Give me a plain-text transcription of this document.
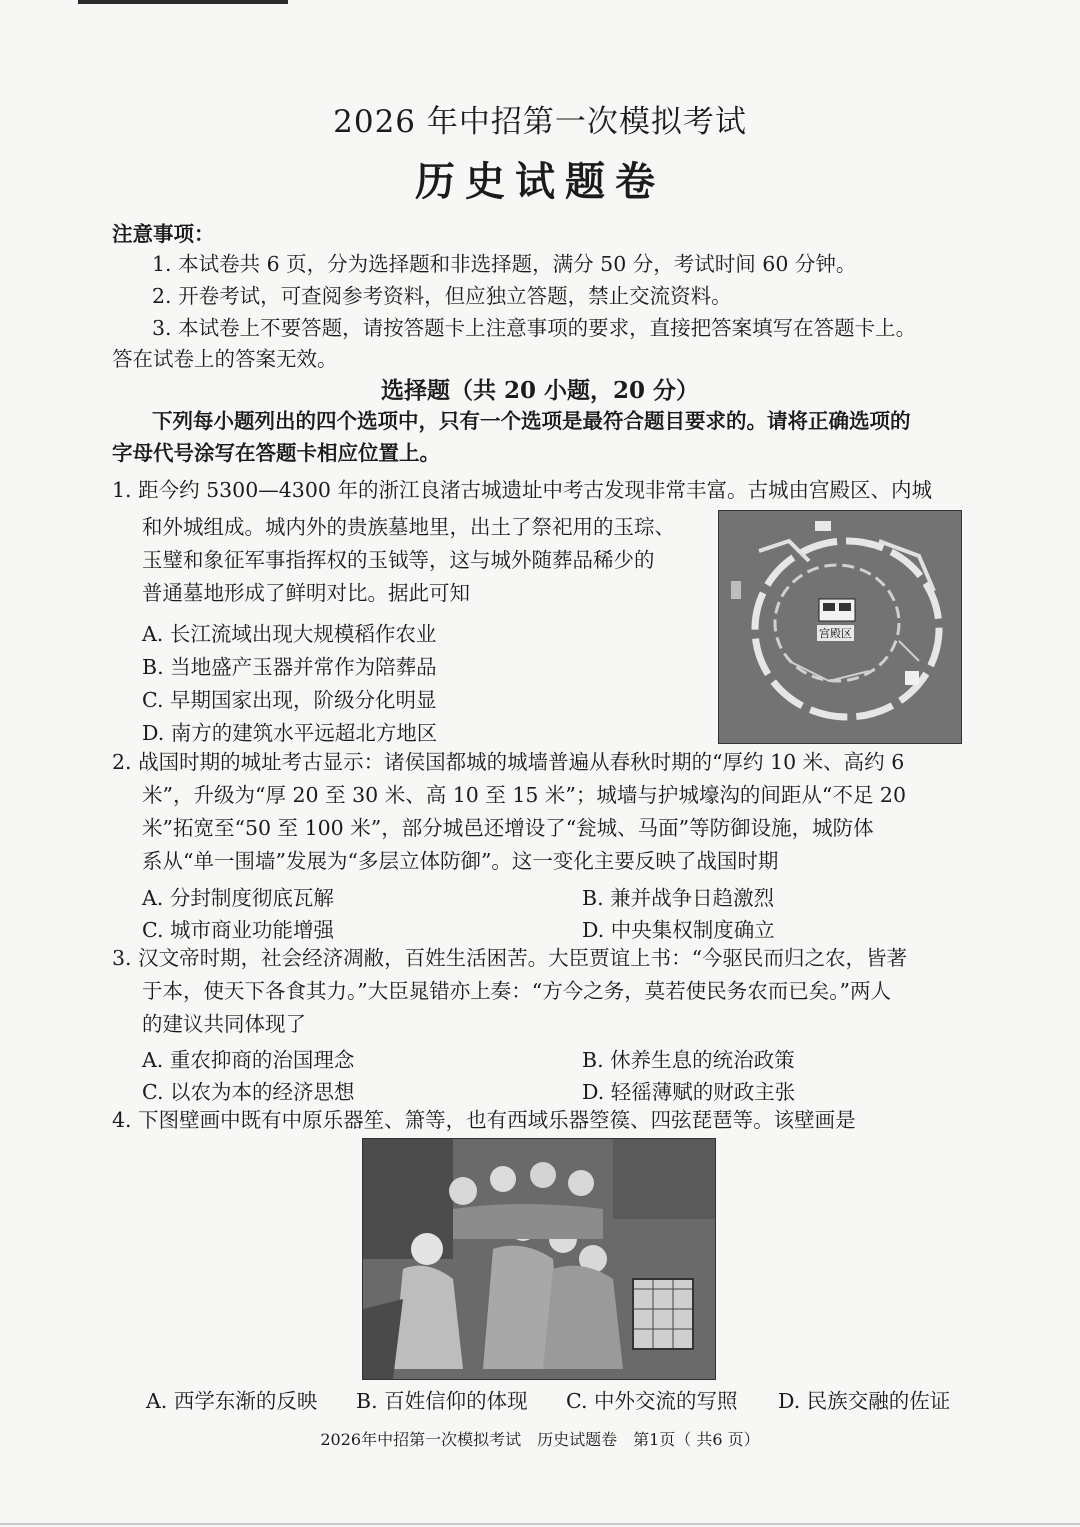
2026 年中招第一次模拟考试
历史试题卷
注意事项：
1. 本试卷共 6 页，分为选择题和非选择题，满分 50 分，考试时间 60 分钟。
2. 开卷考试，可查阅参考资料，但应独立答题，禁止交流资料。
3. 本试卷上不要答题，请按答题卡上注意事项的要求，直接把答案填写在答题卡上。
答在试卷上的答案无效。
选择题（共 20 小题，20 分）
下列每小题列出的四个选项中，只有一个选项是最符合题目要求的。请将正确选项的
字母代号涂写在答题卡相应位置上。
1. 距今约 5300—4300 年的浙江良渚古城遗址中考古发现非常丰富。古城由宫殿区、内城
和外城组成。城内外的贵族墓地里，出土了祭祀用的玉琮、
玉璧和象征军事指挥权的玉钺等，这与城外随葬品稀少的
普通墓地形成了鲜明对比。据此可知
A. 长江流域出现大规模稻作农业
B. 当地盛产玉器并常作为陪葬品
C. 早期国家出现，阶级分化明显
D. 南方的建筑水平远超北方地区
宫殿区
2. 战国时期的城址考古显示：诸侯国都城的城墙普遍从春秋时期的“厚约 10 米、高约 6
米”，升级为“厚 20 至 30 米、高 10 至 15 米”；城墙与护城壕沟的间距从“不足 20
米”拓宽至“50 至 100 米”，部分城邑还增设了“瓮城、马面”等防御设施，城防体
系从“单一围墙”发展为“多层立体防御”。这一变化主要反映了战国时期
A. 分封制度彻底瓦解	B. 兼并战争日趋激烈
C. 城市商业功能增强	D. 中央集权制度确立
3. 汉文帝时期，社会经济凋敝，百姓生活困苦。大臣贾谊上书：“今驱民而归之农，皆著
于本，使天下各食其力。”大臣晁错亦上奏：“方今之务，莫若使民务农而已矣。”两人
的建议共同体现了
A. 重农抑商的治国理念	B. 休养生息的统治政策
C. 以农为本的经济思想	D. 轻徭薄赋的财政主张
4. 下图壁画中既有中原乐器笙、箫等，也有西域乐器箜篌、四弦琵琶等。该壁画是
A. 西学东渐的反映 B. 百姓信仰的体现 C. 中外交流的写照 D. 民族交融的佐证
2026年中招第一次模拟考试　历史试题卷　第1页（ 共6 页）
